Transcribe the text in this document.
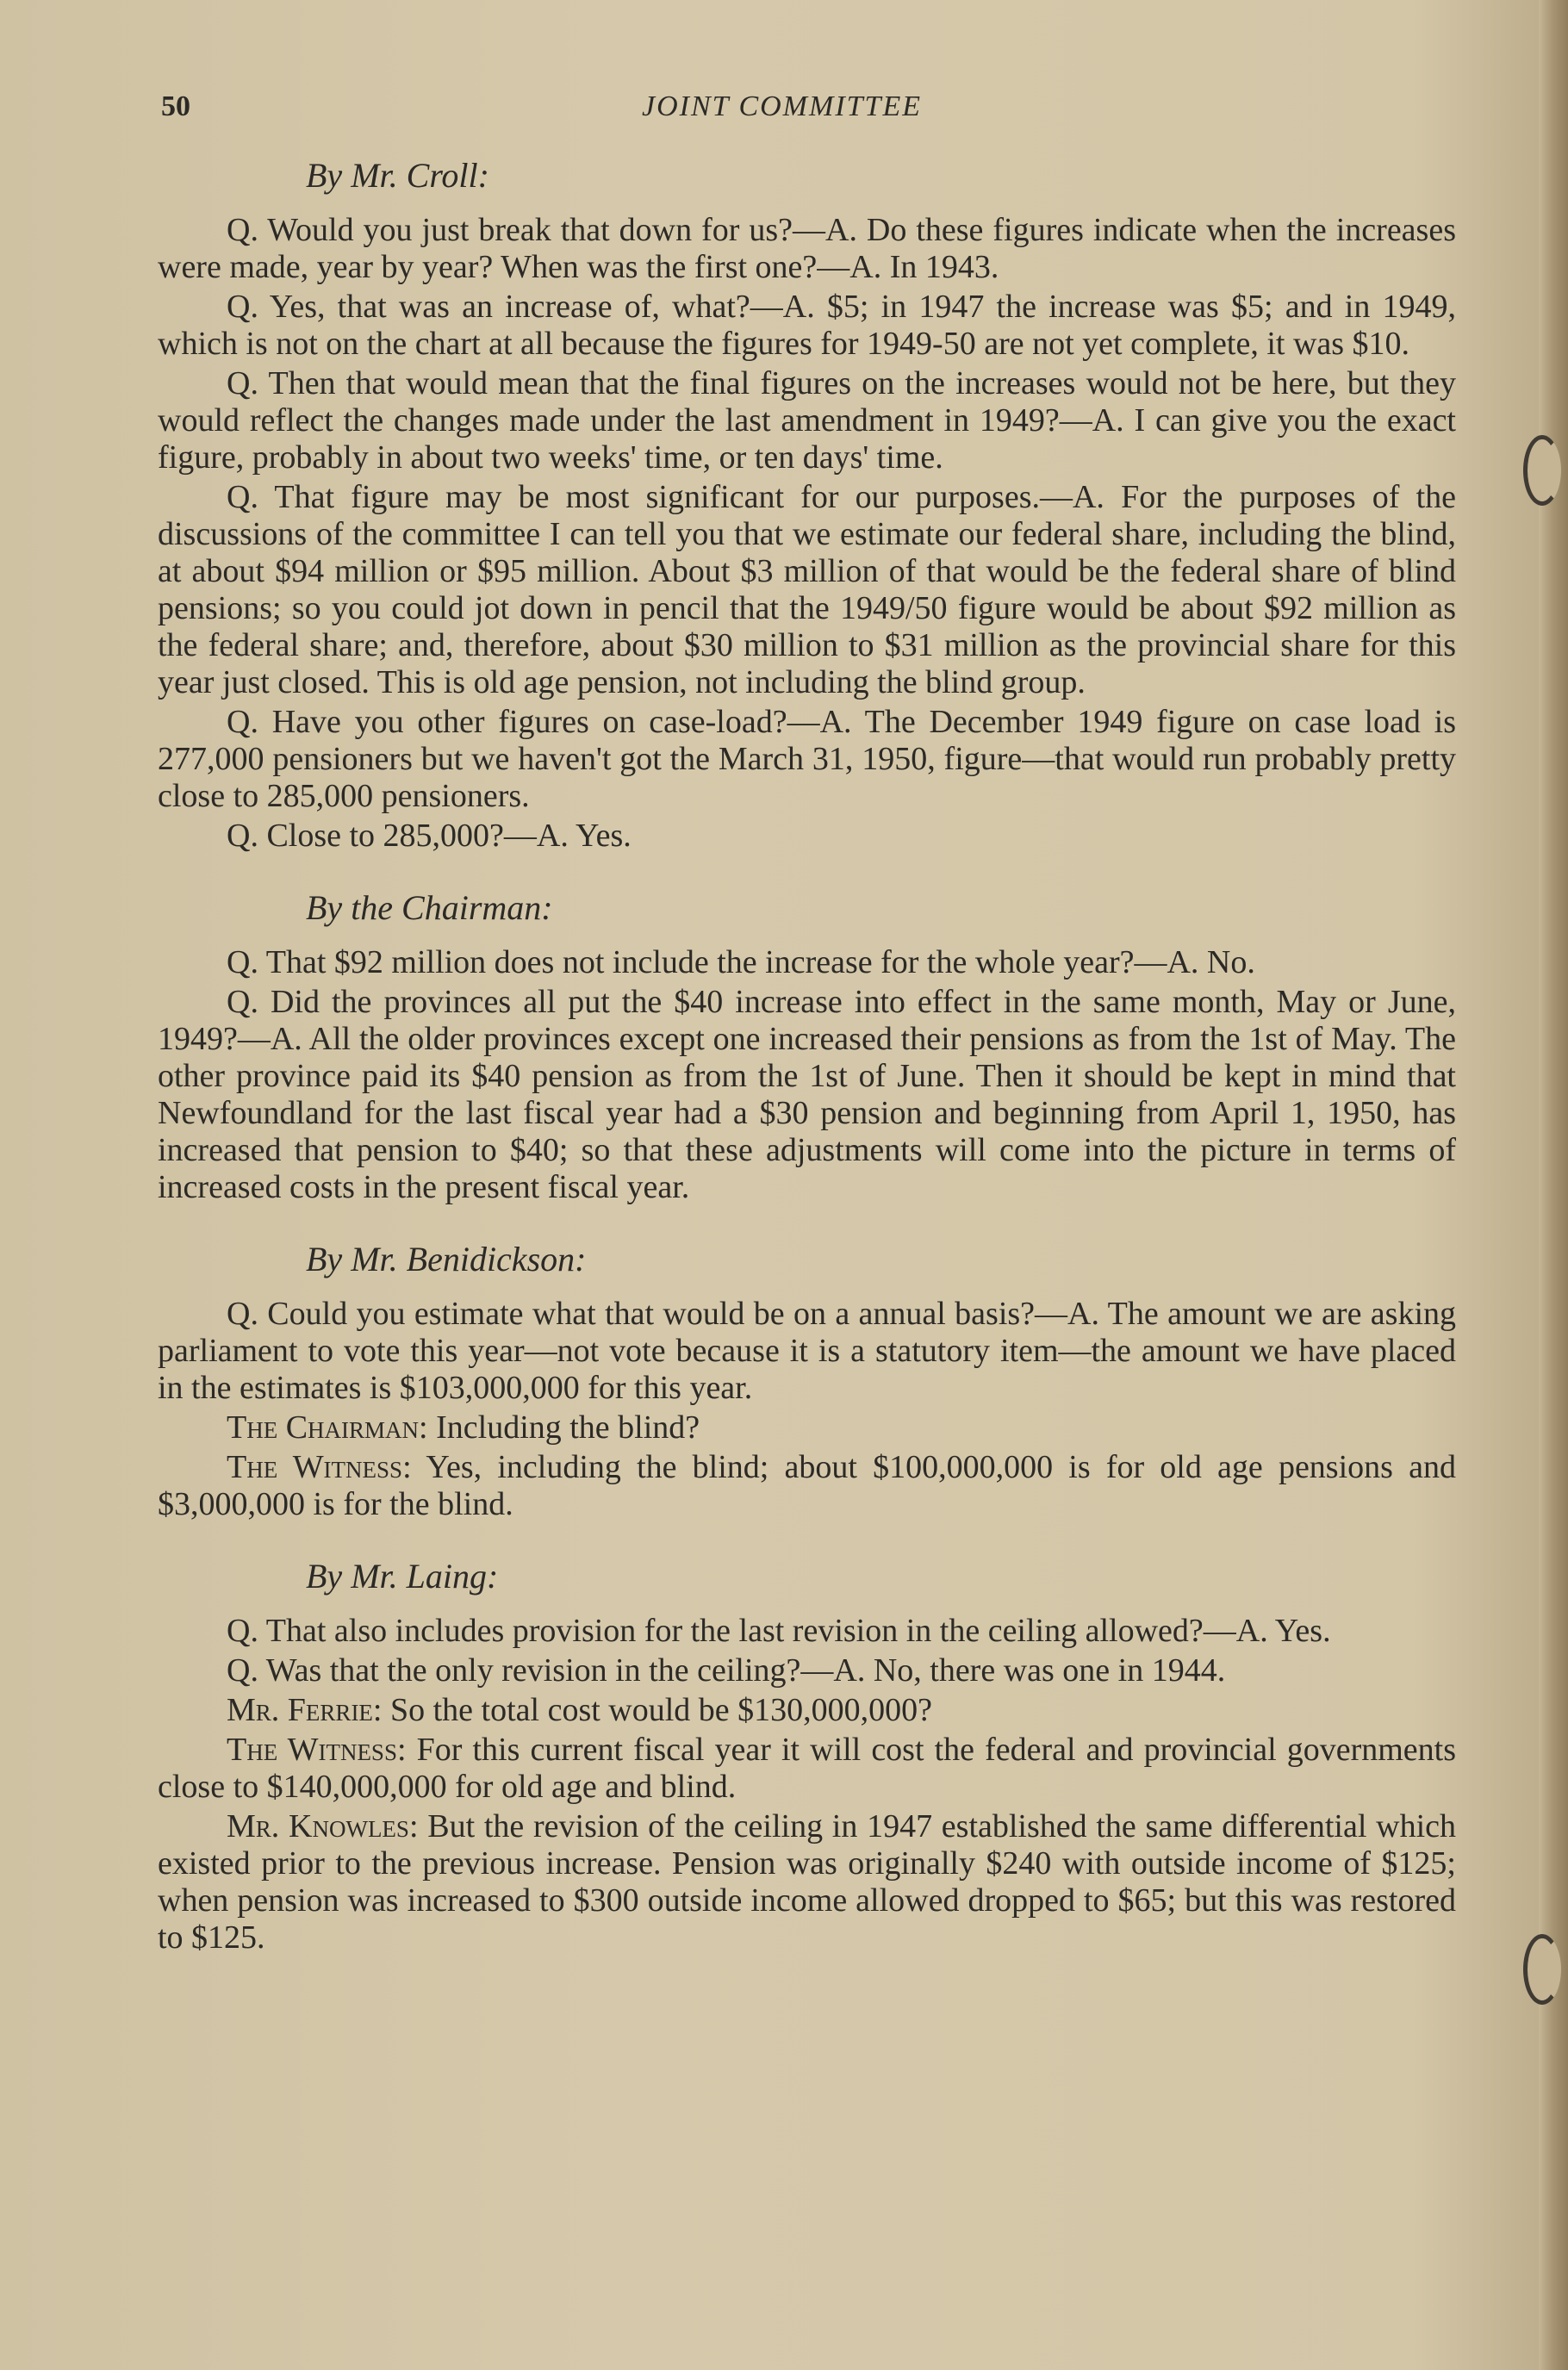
50	JOINT COMMITTEE
By Mr. Croll:

Q. Would you just break that down for us?—A. Do these figures indicate when the increases were made, year by year? When was the first one?—A. In 1943.

Q. Yes, that was an increase of, what?—A. $5; in 1947 the increase was $5; and in 1949, which is not on the chart at all because the figures for 1949-50 are not yet complete, it was $10.

Q. Then that would mean that the final figures on the increases would not be here, but they would reflect the changes made under the last amendment in 1949?—A. I can give you the exact figure, probably in about two weeks' time, or ten days' time.

Q. That figure may be most significant for our purposes.—A. For the purposes of the discussions of the committee I can tell you that we estimate our federal share, including the blind, at about $94 million or $95 million. About $3 million of that would be the federal share of blind pensions; so you could jot down in pencil that the 1949/50 figure would be about $92 million as the federal share; and, therefore, about $30 million to $31 million as the provincial share for this year just closed. This is old age pension, not including the blind group.

Q. Have you other figures on case-load?—A. The December 1949 figure on case load is 277,000 pensioners but we haven't got the March 31, 1950, figure—that would run probably pretty close to 285,000 pensioners.

Q. Close to 285,000?—A. Yes.

By the Chairman:

Q. That $92 million does not include the increase for the whole year?—A. No.

Q. Did the provinces all put the $40 increase into effect in the same month, May or June, 1949?—A. All the older provinces except one increased their pensions as from the 1st of May. The other province paid its $40 pension as from the 1st of June. Then it should be kept in mind that Newfoundland for the last fiscal year had a $30 pension and beginning from April 1, 1950, has increased that pension to $40; so that these adjustments will come into the picture in terms of increased costs in the present fiscal year.

By Mr. Benidickson:

Q. Could you estimate what that would be on a annual basis?—A. The amount we are asking parliament to vote this year—not vote because it is a statutory item—the amount we have placed in the estimates is $103,000,000 for this year.

The Chairman: Including the blind?

The Witness: Yes, including the blind; about $100,000,000 is for old age pensions and $3,000,000 is for the blind.

By Mr. Laing:

Q. That also includes provision for the last revision in the ceiling allowed?—A. Yes.

Q. Was that the only revision in the ceiling?—A. No, there was one in 1944.

Mr. Ferrie: So the total cost would be $130,000,000?

The Witness: For this current fiscal year it will cost the federal and provincial governments close to $140,000,000 for old age and blind.

Mr. Knowles: But the revision of the ceiling in 1947 established the same differential which existed prior to the previous increase. Pension was originally $240 with outside income of $125; when pension was increased to $300 outside income allowed dropped to $65; but this was restored to $125.
